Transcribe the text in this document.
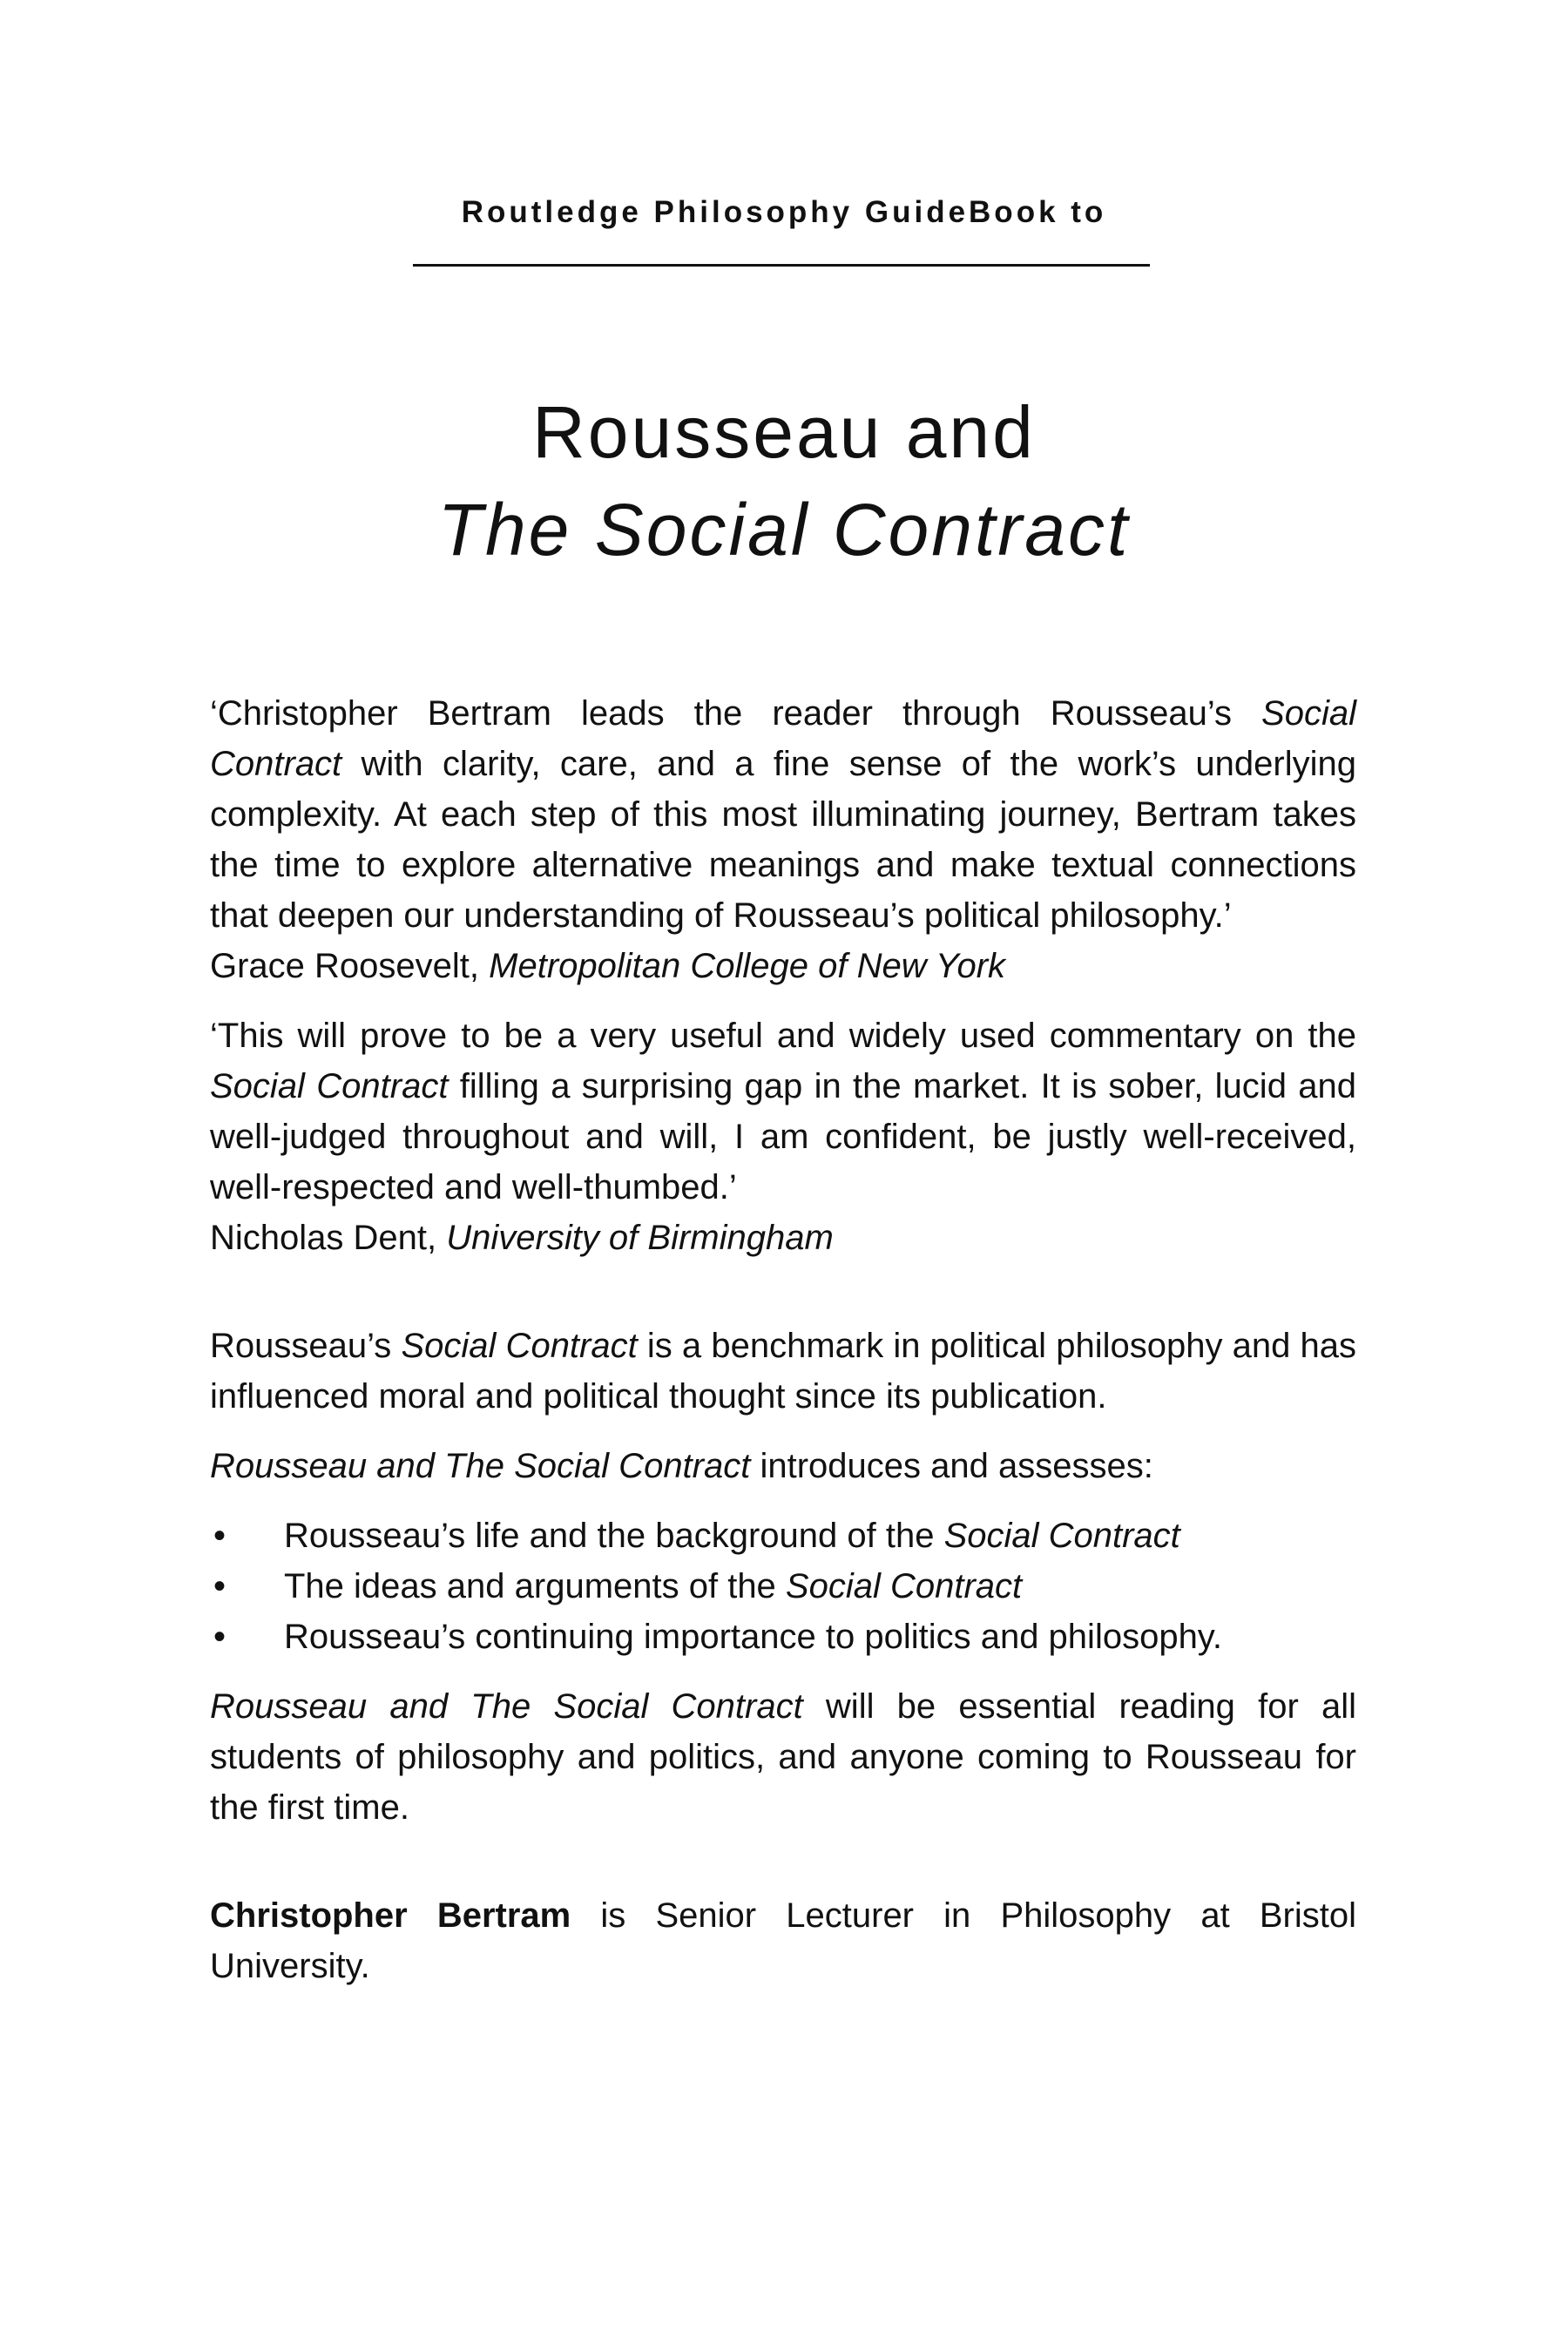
Routledge Philosophy GuideBook to
Rousseau and
The Social Contract

‘Christopher Bertram leads the reader through Rousseau’s Social Contract with clarity, care, and a fine sense of the work’s underlying complexity. At each step of this most illuminating journey, Bertram takes the time to explore alternative meanings and make textual connections that deepen our understanding of Rousseau’s political philosophy.’

Grace Roosevelt, Metropolitan College of New York

‘This will prove to be a very useful and widely used commentary on the Social Contract filling a surprising gap in the market. It is sober, lucid and well-judged throughout and will, I am confident, be justly well-received, well-respected and well-thumbed.’

Nicholas Dent, University of Birmingham

Rousseau’s Social Contract is a benchmark in political philosophy and has influenced moral and political thought since its publication.

Rousseau and The Social Contract introduces and assesses:

• Rousseau’s life and the background of the Social Contract
• The ideas and arguments of the Social Contract
• Rousseau’s continuing importance to politics and philosophy.

Rousseau and The Social Contract will be essential reading for all students of philosophy and politics, and anyone coming to Rousseau for the first time.

Christopher Bertram is Senior Lecturer in Philosophy at Bristol University.
